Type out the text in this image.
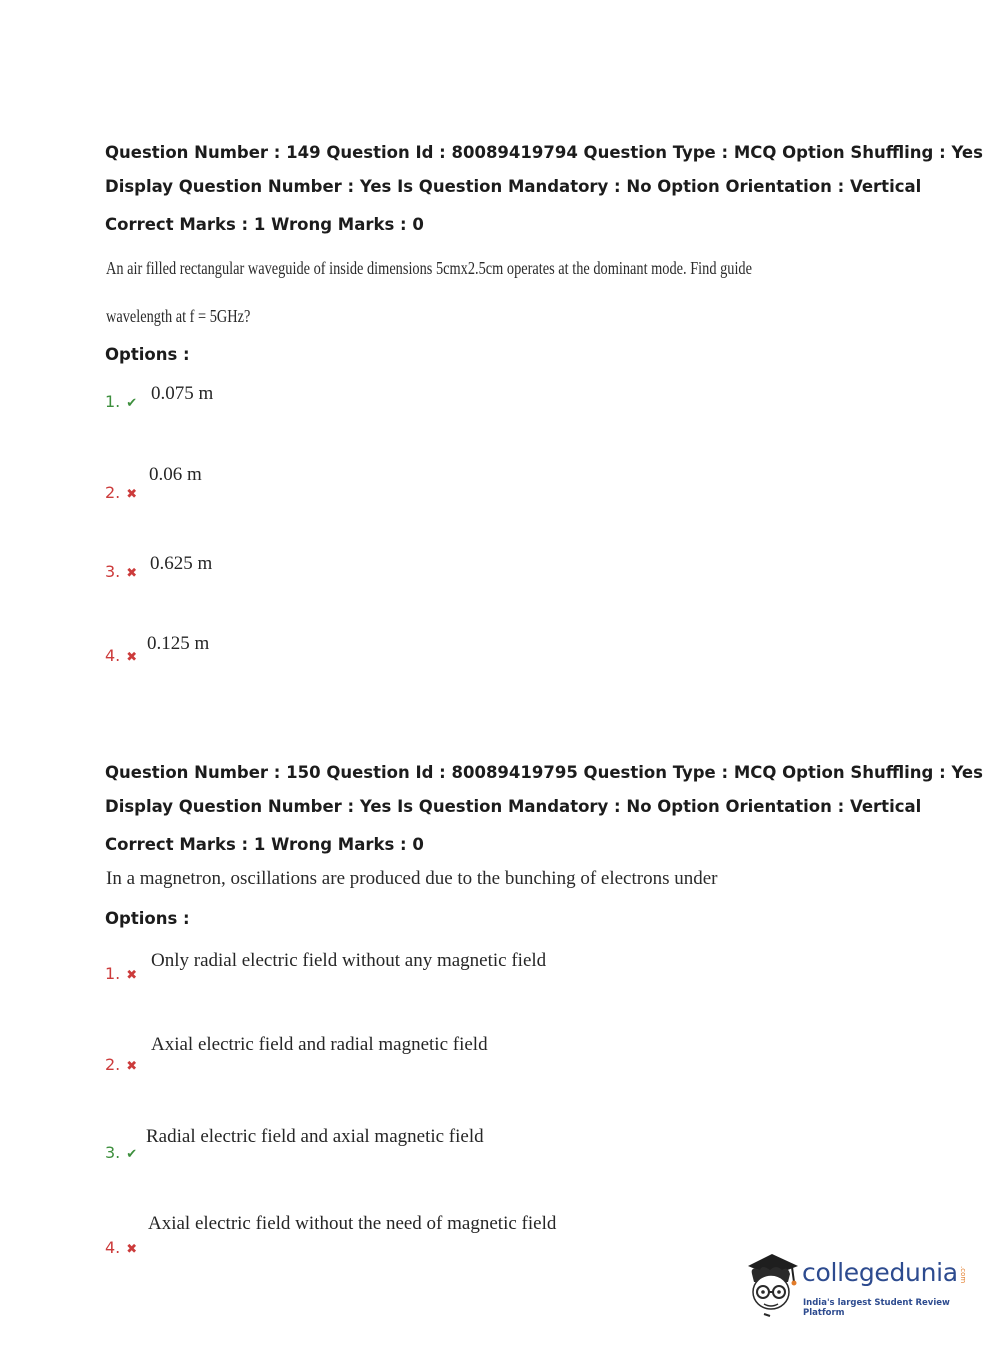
Question Number : 149 Question Id : 80089419794 Question Type : MCQ Option Shuffling : Yes
Display Question Number : Yes Is Question Mandatory : No Option Orientation : Vertical
Correct Marks : 1 Wrong Marks : 0
An air filled rectangular waveguide of inside dimensions 5cmx2.5cm operates at the dominant mode. Find guide
wavelength at f = 5GHz?
Options :
1. ✔ 0.075 m
2. ✖
0.06 m
3. ✖ 0.625 m
4. ✖
0.125 m
Question Number : 150 Question Id : 80089419795 Question Type : MCQ Option Shuffling : Yes
Display Question Number : Yes Is Question Mandatory : No Option Orientation : Vertical
Correct Marks : 1 Wrong Marks : 0
In a magnetron, oscillations are produced due to the bunching of electrons under
Options :
1. ✖
Only radial electric field without any magnetic field
2. ✖
Axial electric field and radial magnetic field
3. ✔
Radial electric field and axial magnetic field
4. ✖
Axial electric field without the need of magnetic field
collegedunia .com
India's largest Student Review Platform
